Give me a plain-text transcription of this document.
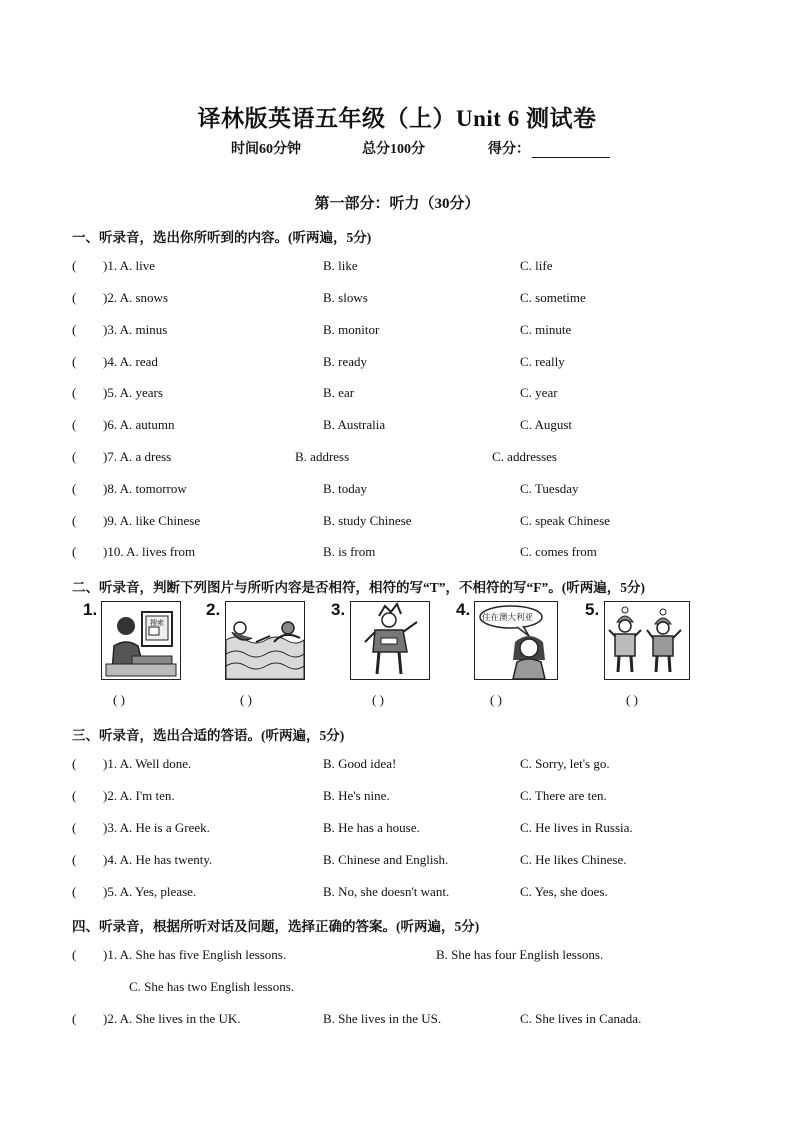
译林版英语五年级（上）Unit 6 测试卷
时间60分钟	总分100分	得分：
第一部分：听力（30分）
一、听录音，选出你所听到的内容。(听两遍，5分)
( )1. A. live	B. like	C. life
( )2. A. snows	B. slows	C. sometime
( )3. A. minus	B. monitor	C. minute
( )4. A. read	B. ready	C. really
( )5. A. years	B. ear	C. year
( )6. A. autumn	B. Australia	C. August
( )7. A. a dress	B. address	C. addresses
( )8. A. tomorrow	B. today	C. Tuesday
( )9. A. like Chinese	B. study Chinese	C. speak Chinese
( )10. A. lives from	B. is from	C. comes from
二、听录音，判断下列图片与所听内容是否相符，相符的写“T”，不相符的写“F”。(听两遍，5分)
1.
搜索
( )
2.
( )
3.
( )
4. 住在澳大利亚
( )
5.
( )
三、听录音，选出合适的答语。(听两遍，5分)
( )1. A. Well done.	B. Good idea!	C. Sorry, let's go.
( )2. A. I'm ten.	B. He's nine.	C. There are ten.
( )3. A. He is a Greek.	B. He has a house.	C. He lives in Russia.
( )4. A. He has twenty.	B. Chinese and English.	C. He likes Chinese.
( )5. A. Yes, please.	B. No, she doesn't want.	C. Yes, she does.
四、听录音，根据所听对话及问题，选择正确的答案。(听两遍，5分)
( )1. A. She has five English lessons.	B. She has four English lessons.
C. She has two English lessons.
( )2. A. She lives in the UK.	B. She lives in the US.	C. She lives in Canada.
